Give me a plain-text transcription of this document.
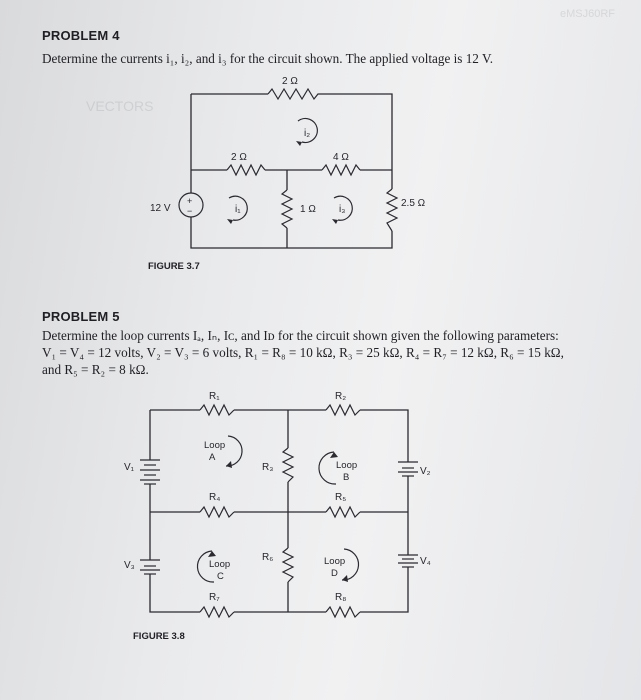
VECTORS
eMSJ60RF
PROBLEM 4
Determine the currents i₁, i₂, and i₃ for the circuit shown. The applied voltage is 12 V.
+
−
2 Ω
2 Ω	4 Ω
1 Ω
2.5 Ω
12 V	i₁
i₂
i₃
FIGURE 3.7
PROBLEM 5
Determine the loop currents Iₐ, Iₙ, Iᴄ, and Iᴅ for the circuit shown given the following parameters:
V₁ = V₄ = 12 volts, V₂ = V₃ = 6 volts, R₁ = R₈ = 10 kΩ, R₃ = 25 kΩ, R₄ = R₇ = 12 kΩ, R₆ = 15 kΩ,
and R₅ = R₂ = 8 kΩ.
R₁	R₂
R₃
R₄	R₅
R₆
R₇	R₈
V₁
V₃
V₂
V₄
Loop
A
Loop
B
Loop
C
Loop
D
FIGURE 3.8
